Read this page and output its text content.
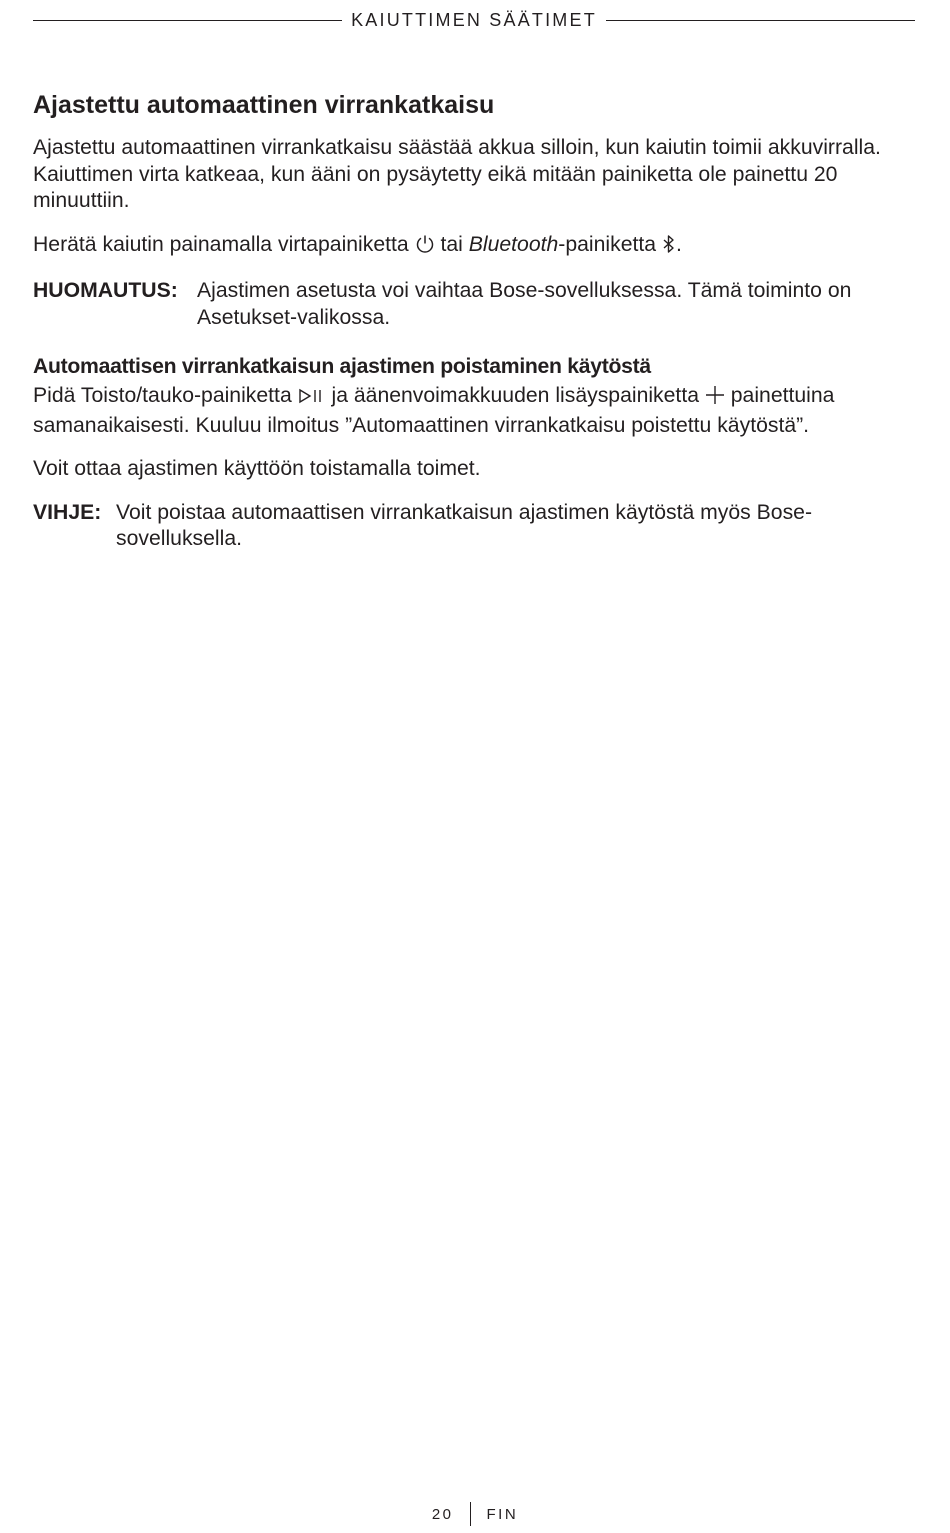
KAIUTTIMEN SÄÄTIMET
Ajastettu automaattinen virrankatkaisu

Ajastettu automaattinen virrankatkaisu säästää akkua silloin, kun kaiutin toimii akkuvirralla. Kaiuttimen virta katkeaa, kun ääni on pysäytetty eikä mitään painiketta ole painettu 20 minuuttiin.

Herätä kaiutin painamalla virtapainiketta  tai Bluetooth-painiketta .

HUOMAUTUS: Ajastimen asetusta voi vaihtaa Bose-sovelluksessa. Tämä toiminto on Asetukset-valikossa.
Automaattisen virrankatkaisun ajastimen poistaminen käytöstä

Pidä Toisto/tauko-painiketta  ja äänenvoimakkuuden lisäyspainiketta  painettuina samanaikaisesti. Kuuluu ilmoitus ”Automaattinen virrankatkaisu poistettu käytöstä”.

Voit ottaa ajastimen käyttöön toistamalla toimet.

VIHJE: Voit poistaa automaattisen virrankatkaisun ajastimen käytöstä myös Bose-sovelluksella.
20 FIN
